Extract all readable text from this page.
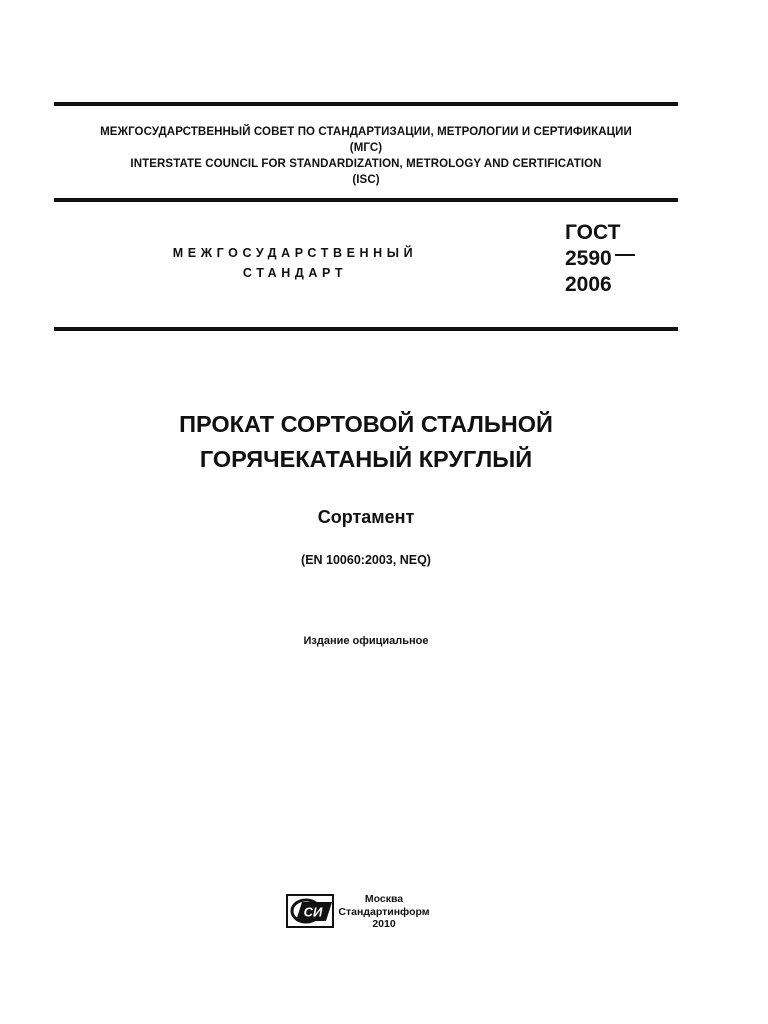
МЕЖГОСУДАРСТВЕННЫЙ СОВЕТ ПО СТАНДАРТИЗАЦИИ, МЕТРОЛОГИИ И СЕРТИФИКАЦИИ
(МГС)
INTERSTATE COUNCIL FOR STANDARDIZATION, METROLOGY AND CERTIFICATION
(ISC)
МЕЖГОСУДАРСТВЕННЫЙ
СТАНДАРТ
ГОСТ
2590
2006
ПРОКАТ СОРТОВОЙ СТАЛЬНОЙ
ГОРЯЧЕКАТАНЫЙ КРУГЛЫЙ
Сортамент
(EN 10060:2003, NEQ)
Издание официальное
СИ
Москва
Стандартинформ
2010
